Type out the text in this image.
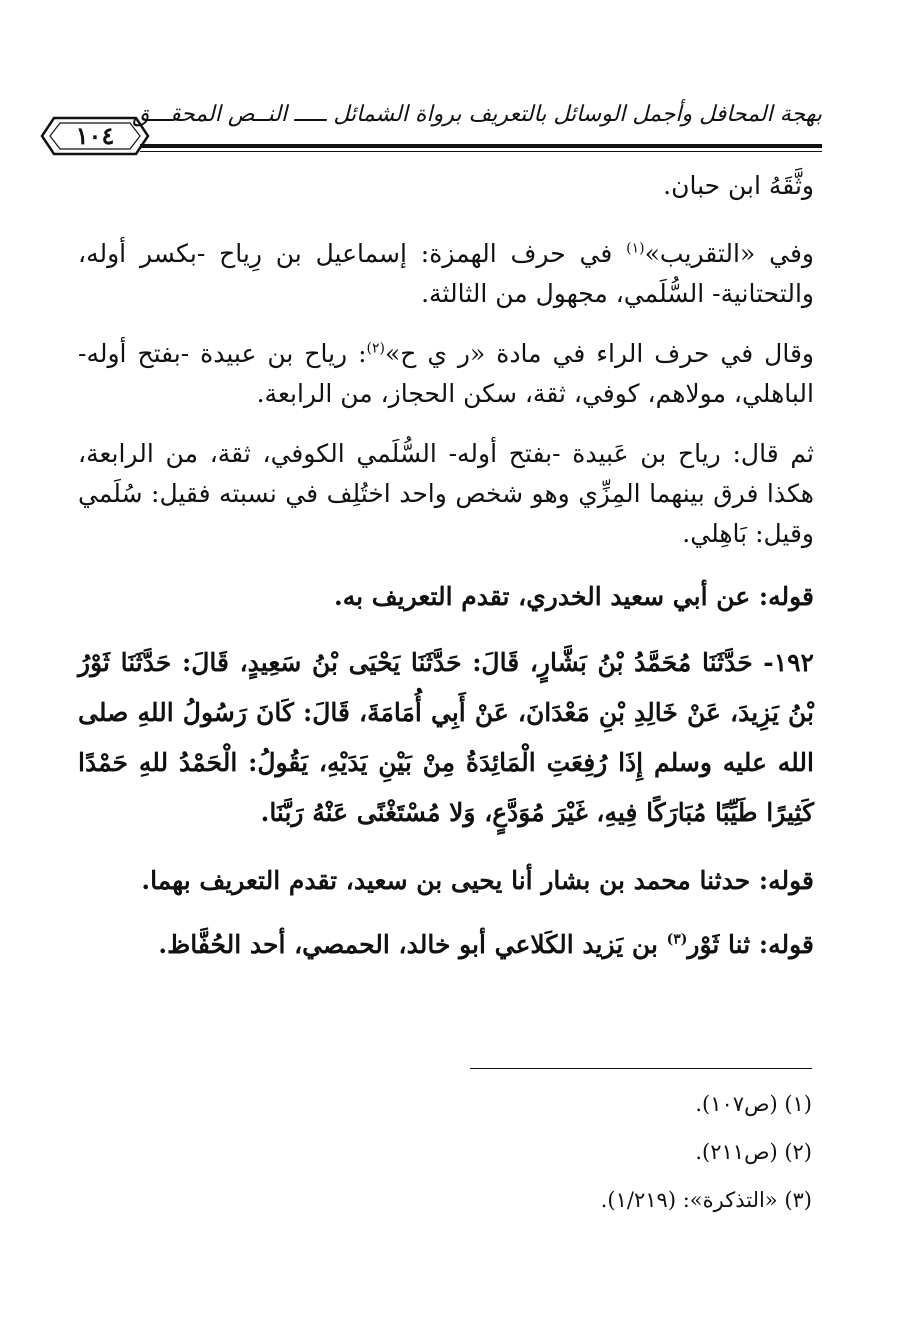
بهجة المحافل وأجمل الوسائل بالتعريف برواة الشمائل ـــــ النــص المحقـــق
١٠٤

وثَّقَهُ ابن حبان.

وفي «التقريب»$^{(١)}$ في حرف الهمزة: إسماعيل بن رِياح -بكسر أوله، والتحتانية- السُّلَمي، مجهول من الثالثة.

وقال في حرف الراء في مادة «ر ي ح»$^{(٢)}$: رياح بن عبيدة -بفتح أوله- الباهلي، مولاهم، كوفي، ثقة، سكن الحجاز، من الرابعة.

ثم قال: رياح بن عَبيدة -بفتح أوله- السُّلَمي الكوفي، ثقة، من الرابعة، هكذا فرق بينهما المِزِّي وهو شخص واحد اختُلِف في نسبته فقيل: سُلَمي وقيل: بَاهِلي.

قوله: عن أبي سعيد الخدري، تقدم التعريف به.

١٩٢- حَدَّثَنَا مُحَمَّدُ بْنُ بَشَّارٍ، قَالَ: حَدَّثَنَا يَحْيَى بْنُ سَعِيدٍ، قَالَ: حَدَّثَنَا ثَوْرُ بْنُ يَزِيدَ، عَنْ خَالِدِ بْنِ مَعْدَانَ، عَنْ أَبِي أُمَامَةَ، قَالَ: كَانَ رَسُولُ اللهِ صلى الله عليه وسلم إِذَا رُفِعَتِ الْمَائِدَةُ مِنْ بَيْنِ يَدَيْهِ، يَقُولُ: الْحَمْدُ للهِ حَمْدًا كَثِيرًا طَيِّبًا مُبَارَكًا فِيهِ، غَيْرَ مُوَدَّعٍ، وَلا مُسْتَغْنًى عَنْهُ رَبَّنَا.

قوله: حدثنا محمد بن بشار أنا يحيى بن سعيد، تقدم التعريف بهما.

قوله: ثنا ثَوْر$^{(٣)}$ بن يَزيد الكَلاعي أبو خالد، الحمصي، أحد الحُفَّاظ.

(١) (ص١٠٧).
(٢) (ص٢١١).
(٣) «التذكرة»: (١/٢١٩).
